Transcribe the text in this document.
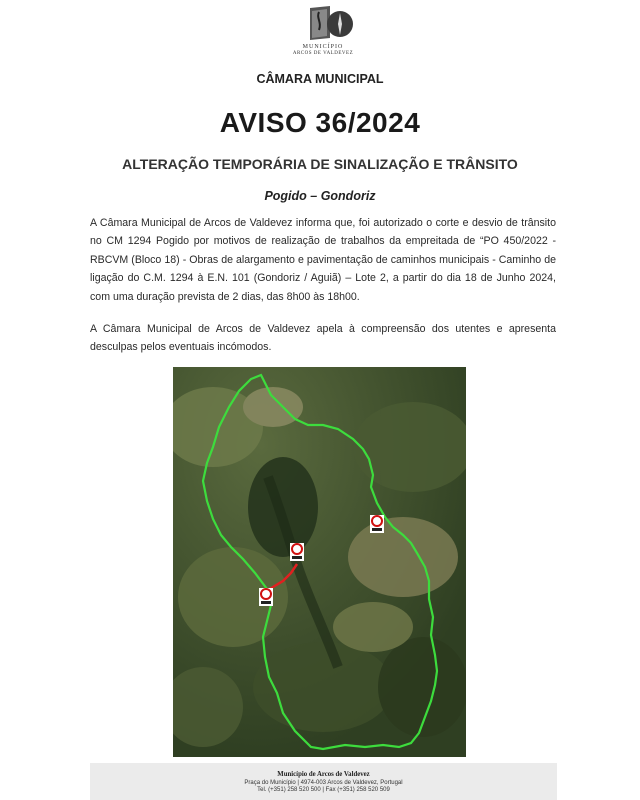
MUNICÍPIO
ARCOS DE VALDEVEZ
CÂMARA MUNICIPAL
AVISO 36/2024
ALTERAÇÃO TEMPORÁRIA DE SINALIZAÇÃO E TRÂNSITO
Pogido – Gondoriz
A Câmara Municipal de Arcos de Valdevez informa que, foi autorizado o corte e desvio de trânsito no CM 1294 Pogido por motivos de realização de trabalhos da empreitada de “PO 450/2022 - RBCVM (Bloco 18) - Obras de alargamento e pavimentação de caminhos municipais - Caminho de ligação do C.M. 1294 à E.N. 101 (Gondoriz / Aguiã) – Lote 2, a partir do dia 18 de Junho 2024, com uma duração prevista de 2 dias, das 8h00 às 18h00.
A Câmara Municipal de Arcos de Valdevez apela à compreensão dos utentes e apresenta desculpas pelos eventuais incómodos.
Município de Arcos de Valdevez
Praça do Município | 4974-003 Arcos de Valdevez, Portugal
Tel. (+351) 258 520 500 | Fax (+351) 258 520 509
